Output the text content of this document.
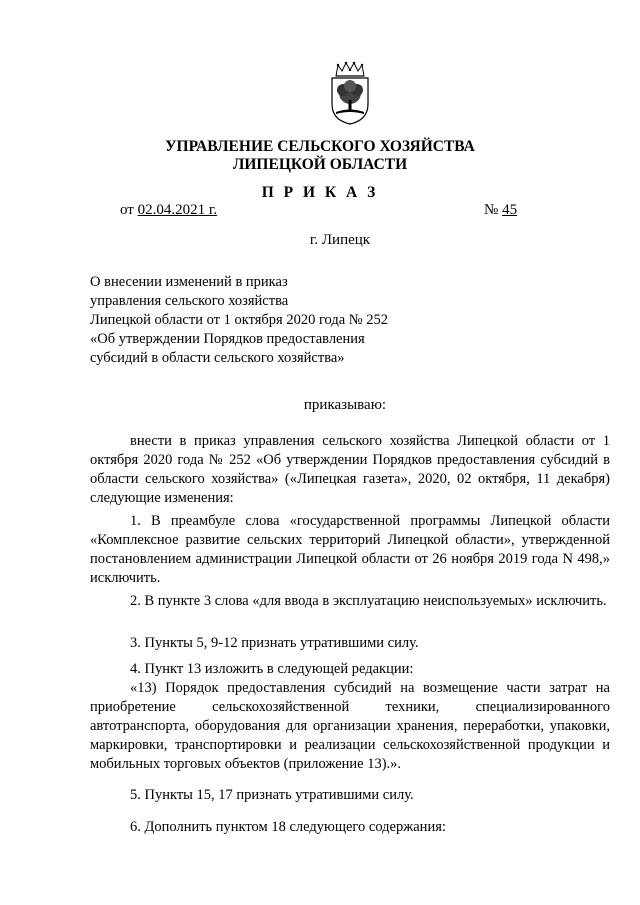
УПРАВЛЕНИЕ СЕЛЬСКОГО ХОЗЯЙСТВА
ЛИПЕЦКОЙ ОБЛАСТИ
П Р И К А З
от 02.04.2021 г.	№ 45
г. Липецк
О внесении изменений в приказ
управления сельского хозяйства
Липецкой области от 1 октября 2020 года № 252
«Об утверждении Порядков предоставления
субсидий в области сельского хозяйства»
приказываю:

внести в приказ управления сельского хозяйства Липецкой области от 1 октября 2020 года № 252 «Об утверждении Порядков предоставления субсидий в области сельского хозяйства» («Липецкая газета», 2020, 02 октября, 11 декабря) следующие изменения:

1. В преамбуле слова «государственной программы Липецкой области «Комплексное развитие сельских территорий Липецкой области», утвержденной постановлением администрации Липецкой области от 26 ноября 2019 года N 498,» исключить.

2. В пункте 3 слова «для ввода в эксплуатацию неиспользуемых» исключить.

3. Пункты 5, 9-12 признать утратившими силу.

4. Пункт 13 изложить в следующей редакции:

«13) Порядок предоставления субсидий на возмещение части затрат на приобретение сельскохозяйственной техники, специализированного автотранспорта, оборудования для организации хранения, переработки, упаковки, маркировки, транспортировки и реализации сельскохозяйственной продукции и мобильных торговых объектов (приложение 13).».

5. Пункты 15, 17 признать утратившими силу.

6. Дополнить пунктом 18 следующего содержания:
